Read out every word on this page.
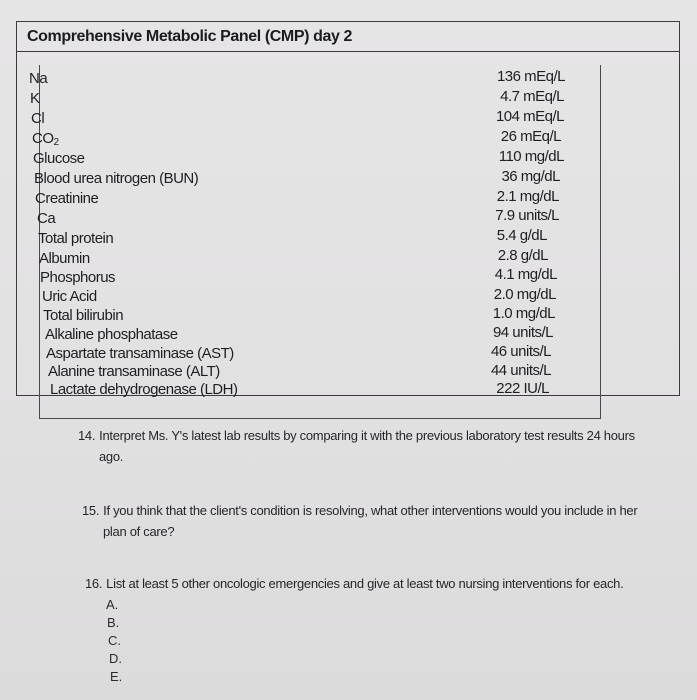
Comprehensive Metabolic Panel (CMP) day 2
Na	136 mEq/L
K	4.7 mEq/L
Cl	104 mEq/L
$CO_2$	26 mEq/L
Glucose	110 mg/dL
Blood urea nitrogen (BUN)	36 mg/dL
Creatinine	2.1 mg/dL
Ca	7.9 units/L
Total protein	5.4 g/dL
Albumin	2.8 g/dL
Phosphorus	4.1 mg/dL
Uric Acid	2.0 mg/dL
Total bilirubin	1.0 mg/dL
Alkaline phosphatase	94 units/L
Aspartate transaminase (AST)	46 units/L
Alanine transaminase (ALT)	44 units/L
Lactate dehydrogenase (LDH)	222 IU/L
14. Interpret Ms. Y's latest lab results by comparing it with the previous laboratory test results 24 hours
ago.
15. If you think that the client's condition is resolving, what other interventions would you include in her
plan of care?
16. List at least 5 other oncologic emergencies and give at least two nursing interventions for each.
A.
B.
C.
D.
E.
